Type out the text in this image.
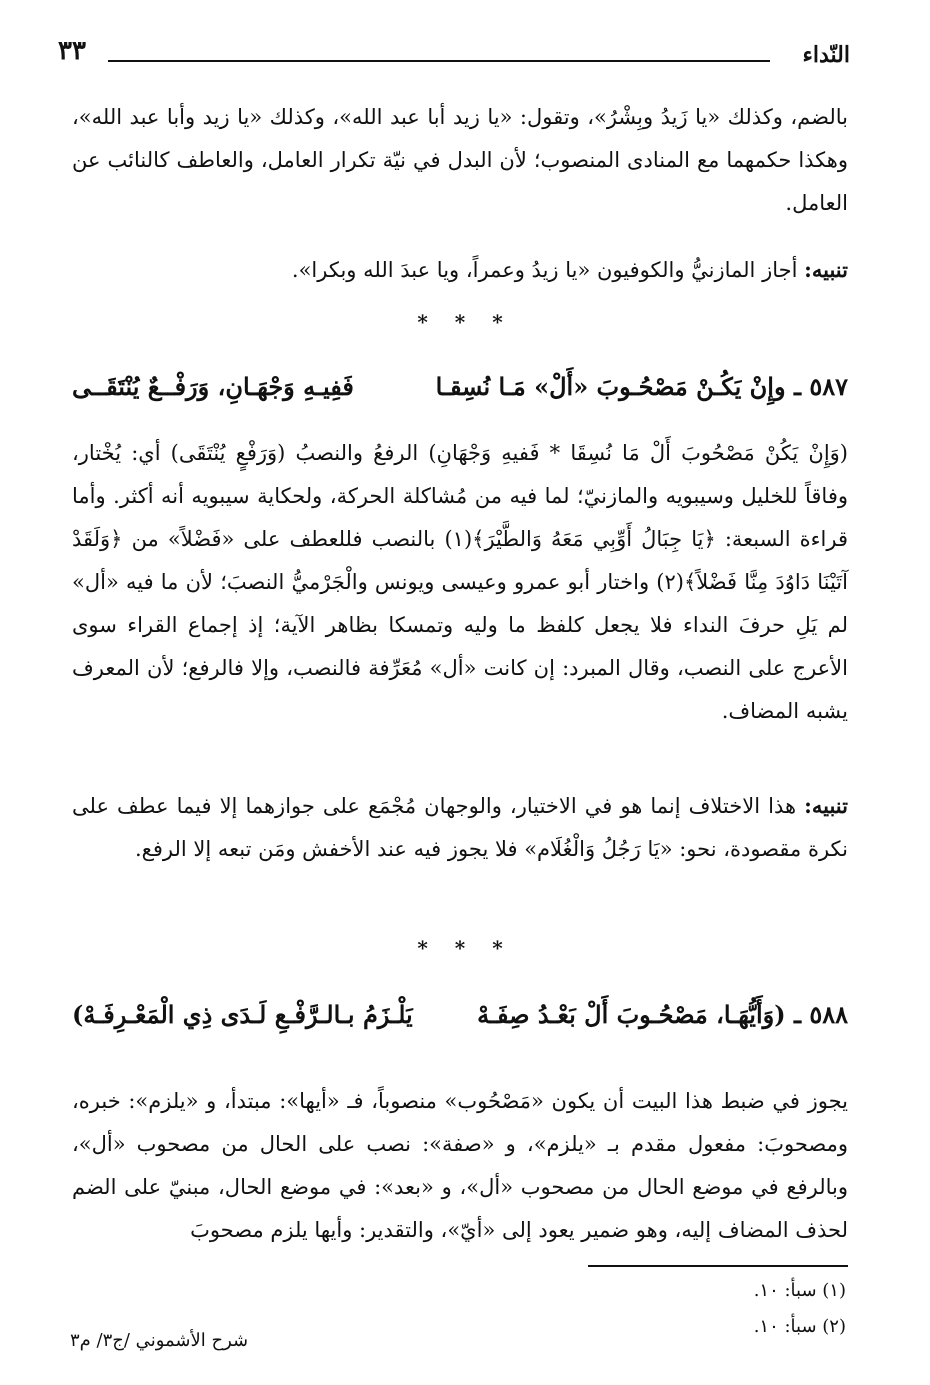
النّداء
٣٣
بالضم، وكذلك «يا زَيدُ وبِشْرُ»، وتقول: «يا زيد أبا عبد الله»، وكذلك «يا زيد وأبا عبد الله»، وهكذا حكمهما مع المنادى المنصوب؛ لأن البدل في نيّة تكرار العامل، والعاطف كالنائب عن العامل.
تنبيه: أجاز المازنيُّ والكوفيون «يا زيدُ وعمراً، ويا عبدَ الله وبكرا».
* * *
٥٨٧ ـ وإِنْ يَكُـنْ مَصْحُـوبَ «أَلْ» مَـا نُسِقـا
فَفِيـهِ وَجْهَـانِ، وَرَفْــعٌ يُنْتَقَــى
(وَإِنْ يَكُنْ مَصْحُوبَ أَلْ مَا نُسِقَا * فَفيهِ وَجْهَانِ) الرفعُ والنصبُ (وَرَفْعٍ يُنْتَقَى) أي: يُخْتار، وفاقاً للخليل وسيبويه والمازنيّ؛ لما فيه من مُشاكلة الحركة، ولحكاية سيبويه أنه أكثر. وأما قراءة السبعة: ﴿يَا جِبَالُ أَوِّبِي مَعَهُ وَالطَّيْرَ﴾(١) بالنصب فللعطف على «فَضْلاً» من ﴿وَلَقَدْ آتَيْنَا دَاوُدَ مِنَّا فَضْلاً﴾(٢) واختار أبو عمرو وعيسى ويونس والْجَرْميُّ النصبَ؛ لأن ما فيه «أل» لم يَلِ حرفَ النداء فلا يجعل كلفظ ما وليه وتمسكا بظاهر الآية؛ إذ إجماع القراء سوى الأعرج على النصب، وقال المبرد: إن كانت «أل» مُعَرِّفة فالنصب، وإلا فالرفع؛ لأن المعرف يشبه المضاف.
تنبيه: هذا الاختلاف إنما هو في الاختيار، والوجهان مُجْمَع على جوازهما إلا فيما عطف على نكرة مقصودة، نحو: «يَا رَجُلُ وَالْغُلَام» فلا يجوز فيه عند الأخفش ومَن تبعه إلا الرفع.
* * *
٥٨٨ ـ (وَأَيُّهَـا، مَصْحُـوبَ أَلْ بَعْـدُ صِفَـهْ
يَلْـزَمُ بـالـرَّفْـعِ لَـدَى ذِي الْمَعْـرِفَـهْ)
يجوز في ضبط هذا البيت أن يكون «مَصْحُوب» منصوباً، فـ «أيها»: مبتدأ، و «يلزم»: خبره، ومصحوبَ: مفعول مقدم بـ «يلزم»، و «صفة»: نصب على الحال من مصحوب «أل»، وبالرفع في موضع الحال من مصحوب «أل»، و «بعد»: في موضع الحال، مبنيّ على الضم لحذف المضاف إليه، وهو ضمير يعود إلى «أيّ»، والتقدير: وأيها يلزم مصحوبَ
(١) سبأ: ١٠.
(٢) سبأ: ١٠.
شرح الأشموني /ج٣/ م٣
